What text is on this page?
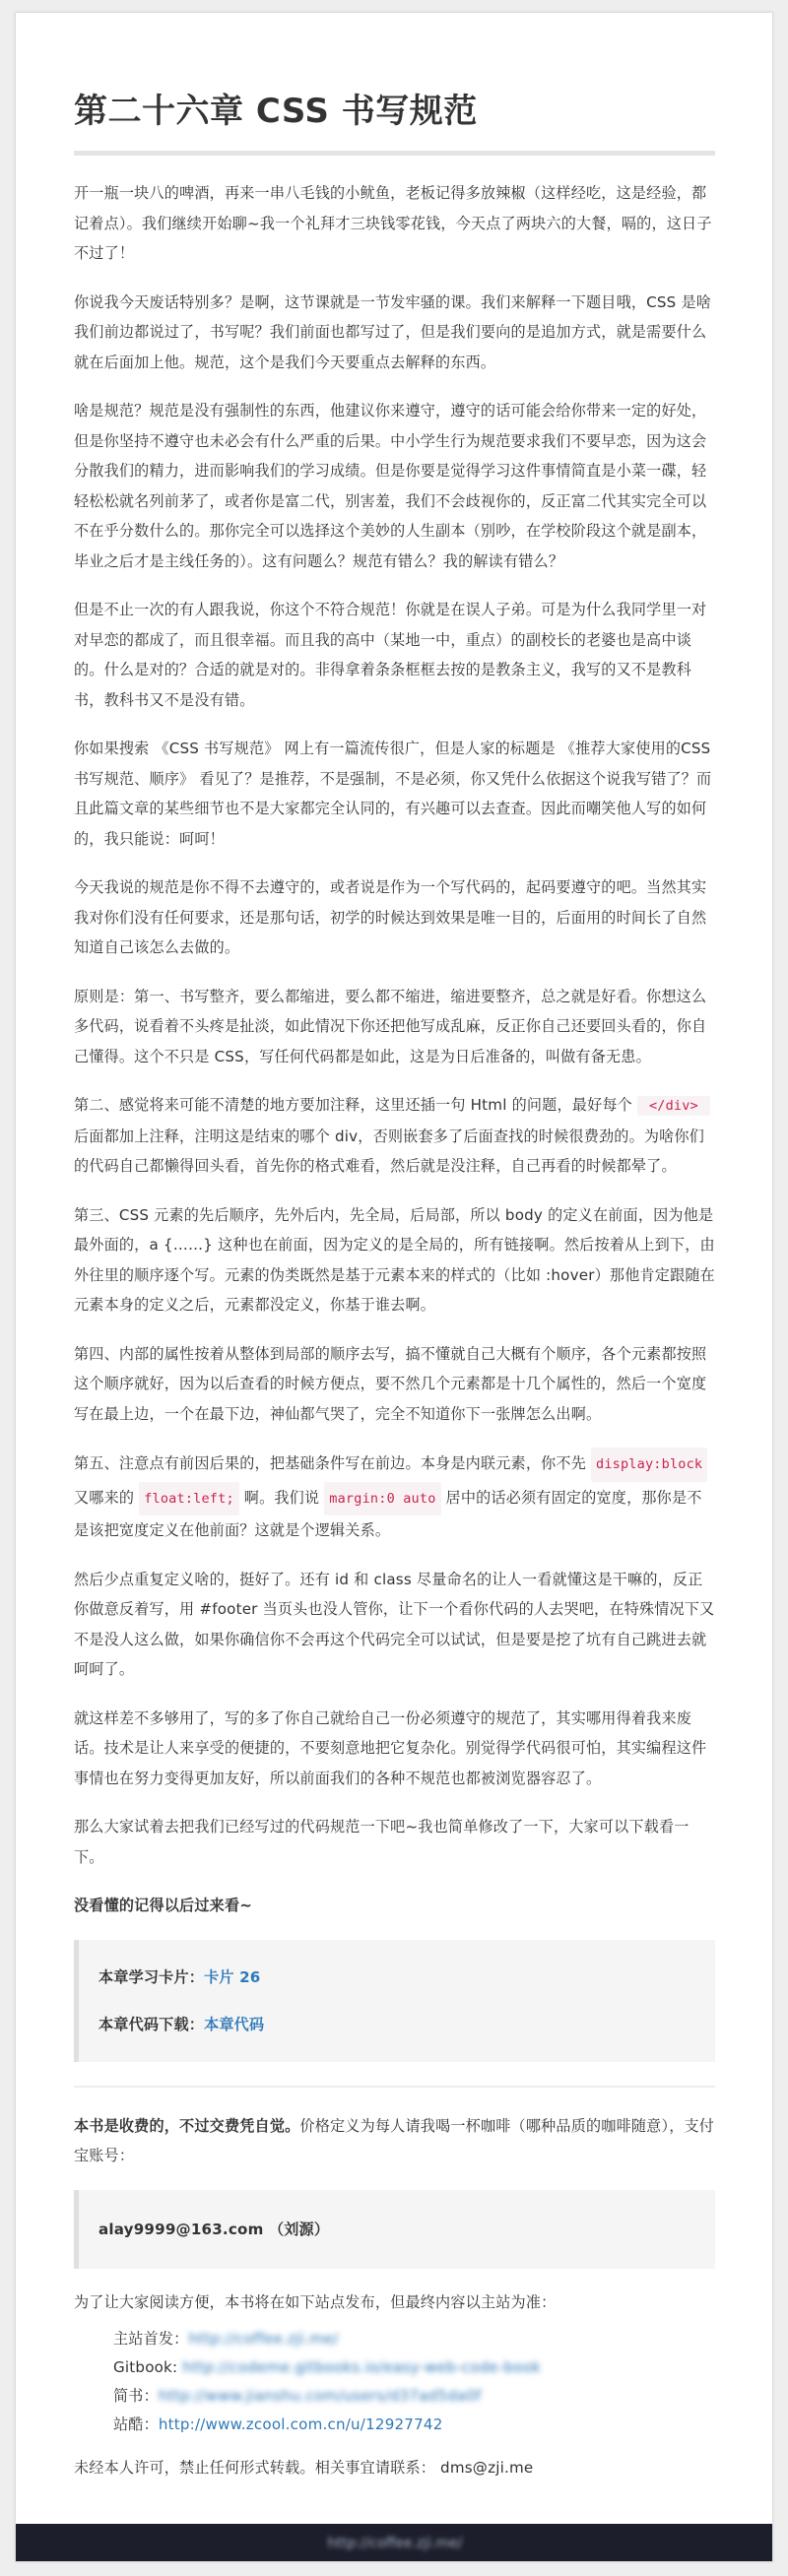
第二十六章 CSS 书写规范

开一瓶一块八的啤酒，再来一串八毛钱的小鱿鱼，老板记得多放辣椒（这样经吃，这是经验，都记着点）。我们继续开始聊~我一个礼拜才三块钱零花钱，今天点了两块六的大餐，嗝的，这日子不过了！

你说我今天废话特别多？是啊，这节课就是一节发牢骚的课。我们来解释一下题目哦，CSS 是啥我们前边都说过了，书写呢？我们前面也都写过了，但是我们要向的是追加方式，就是需要什么就在后面加上他。规范，这个是我们今天要重点去解释的东西。

啥是规范？规范是没有强制性的东西，他建议你来遵守，遵守的话可能会给你带来一定的好处，但是你坚持不遵守也未必会有什么严重的后果。中小学生行为规范要求我们不要早恋，因为这会分散我们的精力，进而影响我们的学习成绩。但是你要是觉得学习这件事情简直是小菜一碟，轻轻松松就名列前茅了，或者你是富二代，别害羞，我们不会歧视你的，反正富二代其实完全可以不在乎分数什么的。那你完全可以选择这个美妙的人生副本（别吵，在学校阶段这个就是副本，毕业之后才是主线任务的）。这有问题么？规范有错么？我的解读有错么？

但是不止一次的有人跟我说，你这个不符合规范！你就是在误人子弟。可是为什么我同学里一对对早恋的都成了，而且很幸福。而且我的高中（某地一中，重点）的副校长的老婆也是高中谈的。什么是对的？合适的就是对的。非得拿着条条框框去按的是教条主义，我写的又不是教科书，教科书又不是没有错。

你如果搜索 《CSS 书写规范》 网上有一篇流传很广，但是人家的标题是 《推荐大家使用的CSS书写规范、顺序》 看见了？是推荐，不是强制，不是必须，你又凭什么依据这个说我写错了？而且此篇文章的某些细节也不是大家都完全认同的，有兴趣可以去查查。因此而嘲笑他人写的如何的，我只能说：呵呵！

今天我说的规范是你不得不去遵守的，或者说是作为一个写代码的，起码要遵守的吧。当然其实我对你们没有任何要求，还是那句话，初学的时候达到效果是唯一目的，后面用的时间长了自然知道自己该怎么去做的。

原则是：第一、书写整齐，要么都缩进，要么都不缩进，缩进要整齐，总之就是好看。你想这么多代码，说看着不头疼是扯淡，如此情况下你还把他写成乱麻，反正你自己还要回头看的，你自己懂得。这个不只是 CSS，写任何代码都是如此，这是为日后准备的，叫做有备无患。

第二、感觉将来可能不清楚的地方要加注释，这里还插一句 Html 的问题，最好每个 </div> 后面都加上注释，注明这是结束的哪个 div，否则嵌套多了后面查找的时候很费劲的。为啥你们的代码自己都懒得回头看，首先你的格式难看，然后就是没注释，自己再看的时候都晕了。

第三、CSS 元素的先后顺序，先外后内，先全局，后局部，所以 body 的定义在前面，因为他是最外面的，a {……} 这种也在前面，因为定义的是全局的，所有链接啊。然后按着从上到下，由外往里的顺序逐个写。元素的伪类既然是基于元素本来的样式的（比如 :hover）那他肯定跟随在元素本身的定义之后，元素都没定义，你基于谁去啊。

第四、内部的属性按着从整体到局部的顺序去写，搞不懂就自己大概有个顺序，各个元素都按照这个顺序就好，因为以后查看的时候方便点，要不然几个元素都是十几个属性的，然后一个宽度写在最上边，一个在最下边，神仙都气哭了，完全不知道你下一张牌怎么出啊。

第五、注意点有前因后果的，把基础条件写在前边。本身是内联元素，你不先 display:block 又哪来的 float:left; 啊。我们说 margin:0 auto 居中的话必须有固定的宽度，那你是不是该把宽度定义在他前面？这就是个逻辑关系。

然后少点重复定义啥的，挺好了。还有 id 和 class 尽量命名的让人一看就懂这是干嘛的，反正你做意反着写，用 #footer 当页头也没人管你，让下一个看你代码的人去哭吧，在特殊情况下又不是没人这么做，如果你确信你不会再这个代码完全可以试试，但是要是挖了坑有自己跳进去就呵呵了。

就这样差不多够用了，写的多了你自己就给自己一份必须遵守的规范了，其实哪用得着我来废话。技术是让人来享受的便捷的，不要刻意地把它复杂化。别觉得学代码很可怕，其实编程这件事情也在努力变得更加友好，所以前面我们的各种不规范也都被浏览器容忍了。

那么大家试着去把我们已经写过的代码规范一下吧~我也简单修改了一下，大家可以下载看一下。

没看懂的记得以后过来看~

本章学习卡片：卡片 26

本章代码下载：本章代码

本书是收费的，不过交费凭自觉。价格定义为每人请我喝一杯咖啡（哪种品质的咖啡随意），支付宝账号：

alay9999@163.com （刘源）

为了让大家阅读方便，本书将在如下站点发布，但最终内容以主站为准：

主站首发：http://coffee.zji.me/

Gitbook: http://codeme.gitbooks.io/easy-web-code-book

简书：http://www.jianshu.com/users/d37ad5da0f

站酷：http://www.zcool.com.cn/u/12927742

未经本人许可，禁止任何形式转载。相关事宜请联系： dms@zji.me

http://coffee.zji.me/
